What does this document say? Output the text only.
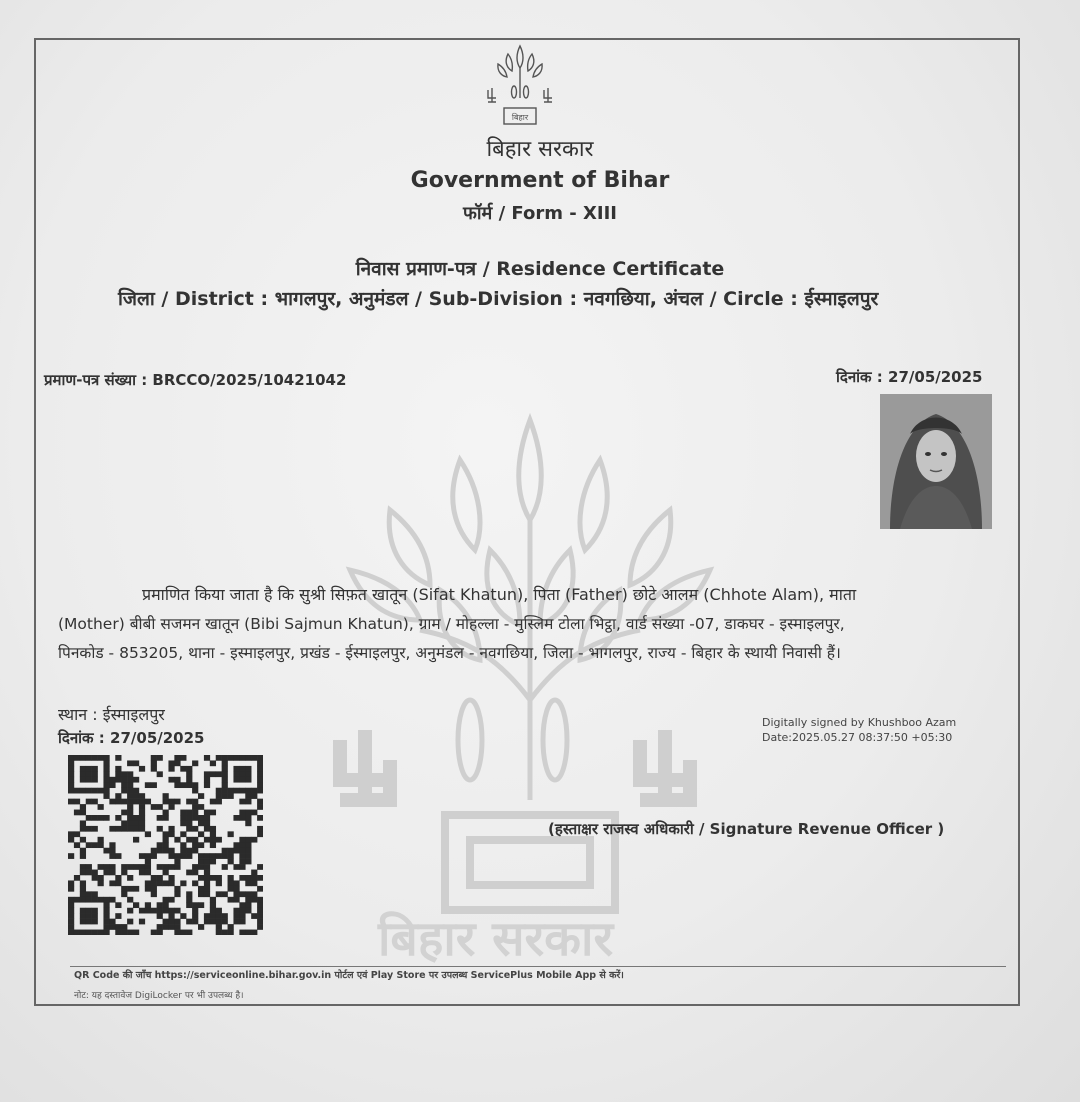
बिहार सरकार
बिहार
बिहार सरकार
Government of Bihar
फॉर्म / Form - XIII
निवास प्रमाण-पत्र / Residence Certificate
जिला / District : भागलपुर, अनुमंडल / Sub-Division : नवगछिया, अंचल / Circle : ईस्माइलपुर
प्रमाण-पत्र संख्या : BRCCO/2025/10421042	दिनांक : 27/05/2025
प्रमाणित किया जाता है कि सुश्री सिफ़त खातून (Sifat Khatun), पिता (Father) छोटे आलम (Chhote Alam), माता
(Mother) बीबी सजमन खातून (Bibi Sajmun Khatun), ग्राम / मोहल्ला - मुस्लिम टोला भिट्ठा, वार्ड संख्या -07, डाकघर - इस्माइलपुर,
पिनकोड - 853205, थाना - इस्माइलपुर, प्रखंड - ईस्माइलपुर, अनुमंडल - नवगछिया, जिला - भागलपुर, राज्य - बिहार के स्थायी निवासी हैं।
स्थान : ईस्माइलपुर
दिनांक : 27/05/2025
Digitally signed by Khushboo Azam
Date:2025.05.27 08:37:50 +05:30
(हस्ताक्षर राजस्व अधिकारी / Signature Revenue Officer )
QR Code की जाँच https://serviceonline.bihar.gov.in पोर्टल एवं Play Store पर उपलब्ध ServicePlus Mobile App से करें।
नोट: यह दस्तावेज DigiLocker पर भी उपलब्ध है।
